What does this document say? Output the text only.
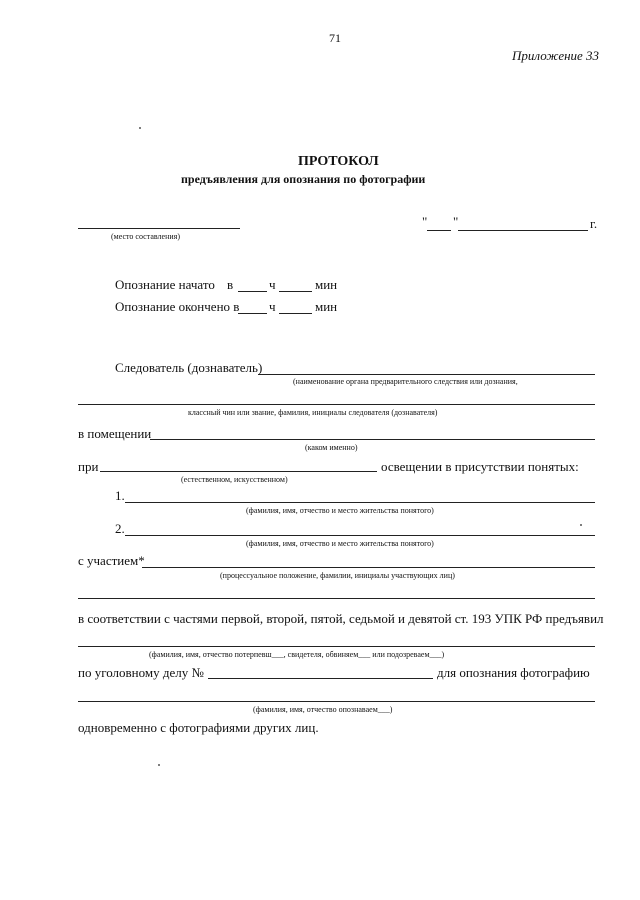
71
Приложение 33
ПРОТОКОЛ
предъявления для опознания по фотографии
(место составления)
" "	г.
Опознание начато в	ч	мин
Опознание окончено в ч	мин
Следователь (дознаватель)
(наименование органа предварительного следствия или дознания,
классный чин или звание, фамилия, инициалы следователя (дознавателя)
в помещении
(каком именно)
при
(естественном, искусственном)
освещении в присутствии понятых:
1.
(фамилия, имя, отчество и место жительства понятого)
2.
(фамилия, имя, отчество и место жительства понятого)
с участием*
(процессуальное положение, фамилии, инициалы участвующих лиц)
в соответствии с частями первой, второй, пятой, седьмой и девятой ст. 193 УПК РФ предъявил
(фамилия, имя, отчество потерпевш___, свидетеля, обвиняем___ или подозреваем___)
по уголовному делу №	для опознания фотографию
(фамилия, имя, отчество опознаваем___)
одновременно с фотографиями других лиц.
